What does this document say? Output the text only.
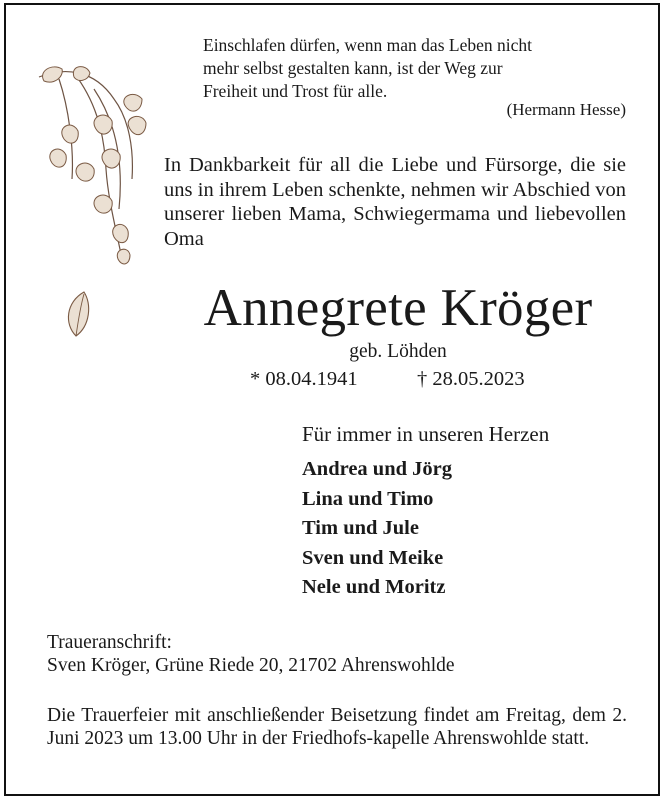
Einschlafen dürfen, wenn man das Leben nicht
mehr selbst gestalten kann, ist der Weg zur
Freiheit und Trost für alle.
(Hermann Hesse)
In Dankbarkeit für all die Liebe und Fürsorge, die sie uns in ihrem Leben schenkte, nehmen wir Abschied von unserer lieben Mama, Schwiegermama und liebevollen Oma
Annegrete Kröger
geb. Löhden
* 08.04.1941	† 28.05.2023
Für immer in unseren Herzen
Andrea und Jörg
Lina und Timo
Tim und Jule
Sven und Meike
Nele und Moritz
Traueranschrift:
Sven Kröger, Grüne Riede 20, 21702 Ahrenswohlde
Die Trauerfeier mit anschließender Beisetzung findet am Freitag, dem 2. Juni 2023 um 13.00 Uhr in der Friedhofs-kapelle Ahrenswohlde statt.
